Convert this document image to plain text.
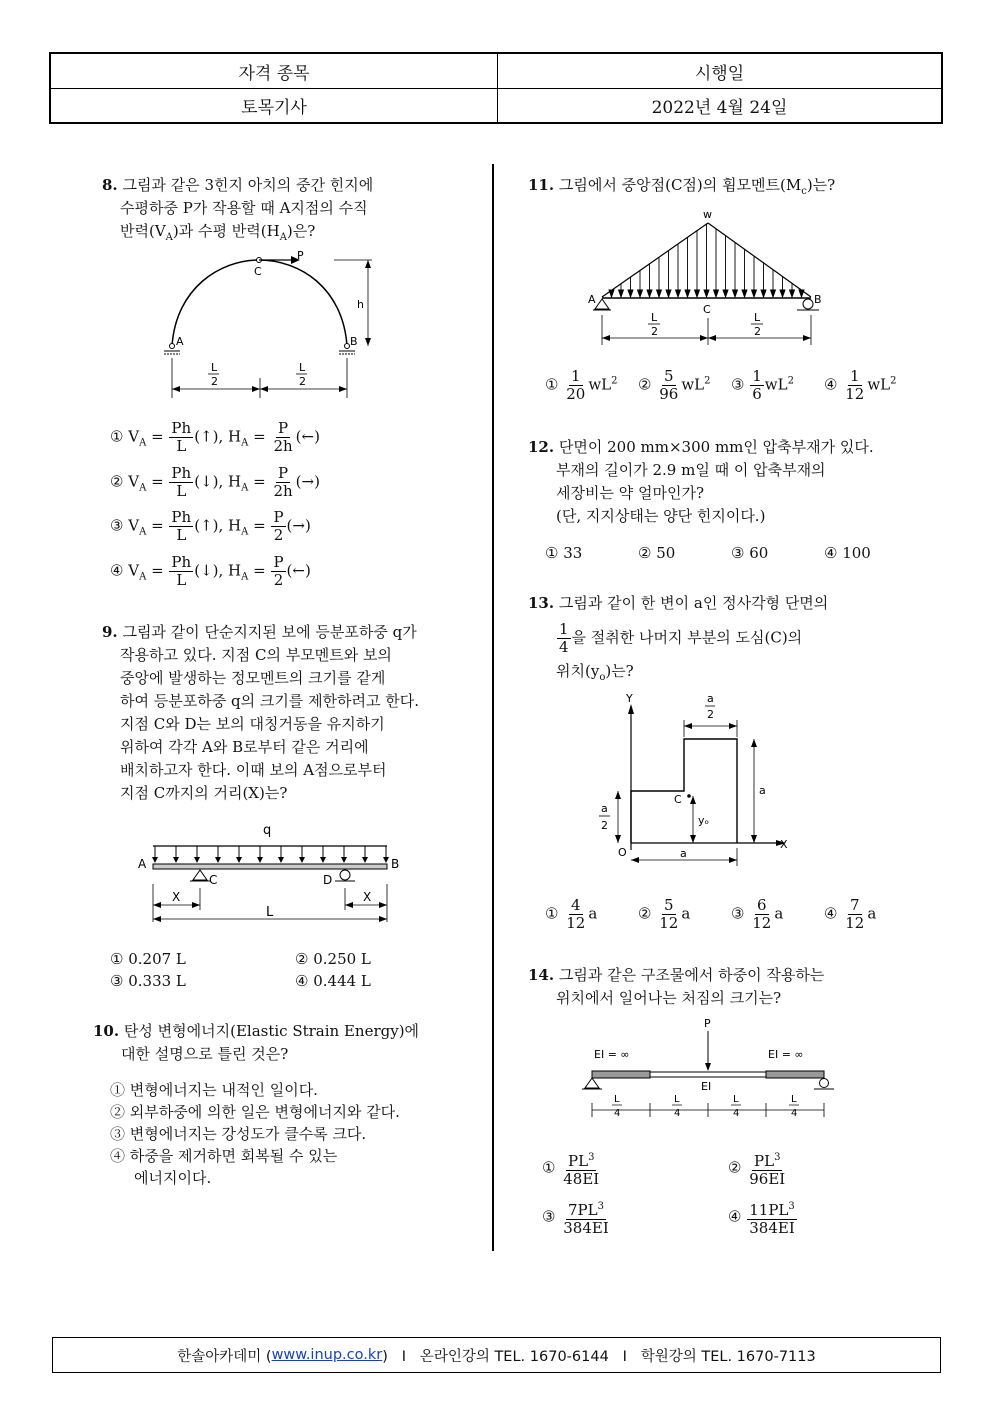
자격 종목	시행일
토목기사	2022년 4월 24일
8. 그림과 같은 3힌지 아치의 중간 힌지에
수평하중 P가 작용할 때 A지점의 수직
반력$(V_A)$과 수평 반력$(H_A)$은?
P
C
h
A	B
L
2
L
2
① $V_A = \frac{Ph}{L}$ (↑), $H_A = \frac{P}{2h}$ (←)
② $V_A = \frac{Ph}{L}$ (↓), $H_A = \frac{P}{2h}$ (→)
③ $V_A = \frac{Ph}{L}$ (↑), $H_A = \frac{P}{2}$ (→)
④ $V_A = \frac{Ph}{L}$ (↓), $H_A = \frac{P}{2}$ (←)
9. 그림과 같이 단순지지된 보에 등분포하중 q가
작용하고 있다. 지점 C의 부모멘트와 보의
중앙에 발생하는 정모멘트의 크기를 같게
하여 등분포하중 q의 크기를 제한하려고 한다.
지점 C와 D는 보의 대칭거동을 유지하기
위하여 각각 A와 B로부터 같은 거리에
배치하고자 한다. 이때 보의 A점으로부터
지점 C까지의 거리(X)는?
q
A	B
C	D
X	X
L
① 0.207 L	② 0.250 L
③ 0.333 L	④ 0.444 L
10. 탄성 변형에너지(Elastic Strain Energy)에
대한 설명으로 틀린 것은?
① 변형에너지는 내적인 일이다.
② 외부하중에 의한 일은 변형에너지와 같다.
③ 변형에너지는 강성도가 클수록 크다.
④ 하중을 제거하면 회복될 수 있는
에너지이다.
11. 그림에서 중앙점(C점)의 휨모멘트$(M_c)$는?
w
A	B
C
L
2
L
2
① $\frac{1}{20} wL^2$ ② $\frac{5}{96} wL^2$ ③ $\frac{1}{6} wL^2$ ④ $\frac{1}{12} wL^2$
12. 단면이 200 mm×300 mm인 압축부재가 있다.
부재의 길이가 2.9 m일 때 이 압축부재의
세장비는 약 얼마인가?
(단, 지지상태는 양단 힌지이다.)
① 33	② 50	③ 60	④ 100
13. 그림과 같이 한 변이 a인 정사각형 단면의
$\frac{1}{4}$ 을 절취한 나머지 부분의 도심(C)의
위치$(y_o)$는?
Y
X
O
C
yₒ
a
2
a
a
2
a
① $\frac{4}{12}$ a	② $\frac{5}{12}$ a	③ $\frac{6}{12}$ a	④ $\frac{7}{12}$ a
14. 그림과 같은 구조물에서 하중이 작용하는
위치에서 일어나는 처짐의 크기는?
P
EI = ∞	EI = ∞
EI
L
4
L
4
L
4
L
4
① $\frac{PL^3}{48EI}$	② $\frac{PL^3}{96EI}$
③ $\frac{7PL^3}{384EI}$	④ $\frac{11PL^3}{384EI}$
한솔아카데미 ( www.inup.co.kr )   I   온라인강의 TEL. 1670-6144   I   학원강의 TEL. 1670-7113
